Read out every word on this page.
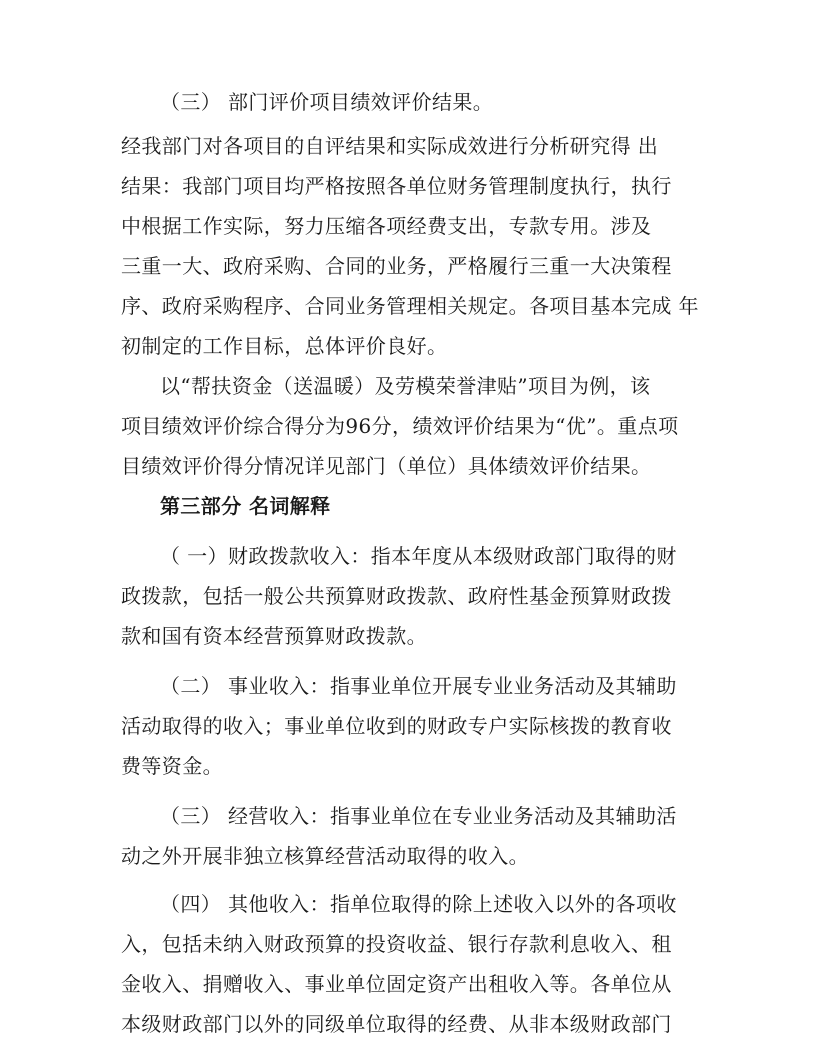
（三） 部门评价项目绩效评价结果。
经我部门对各项目的自评结果和实际成效进行分析研究得 出
结果：我部门项目均严格按照各单位财务管理制度执行，执行
中根据工作实际，努力压缩各项经费支出，专款专用。涉及
三重一大、政府采购、合同的业务，严格履行三重一大决策程
序、政府采购程序、合同业务管理相关规定。各项目基本完成 年
初制定的工作目标，总体评价良好。
以“帮扶资金（送温暖）及劳模荣誉津贴”项目为例，该
项目绩效评价综合得分为96分，绩效评价结果为“优”。重点项
目绩效评价得分情况详见部门（单位）具体绩效评价结果。
第三部分 名词解释
（ 一）财政拨款收入：指本年度从本级财政部门取得的财
政拨款，包括一般公共预算财政拨款、政府性基金预算财政拨
款和国有资本经营预算财政拨款。
（二） 事业收入：指事业单位开展专业业务活动及其辅助
活动取得的收入；事业单位收到的财政专户实际核拨的教育收
费等资金。
（三） 经营收入：指事业单位在专业业务活动及其辅助活
动之外开展非独立核算经营活动取得的收入。
（四） 其他收入：指单位取得的除上述收入以外的各项收
入，包括未纳入财政预算的投资收益、银行存款利息收入、租
金收入、捐赠收入、事业单位固定资产出租收入等。各单位从
本级财政部门以外的同级单位取得的经费、从非本级财政部门
